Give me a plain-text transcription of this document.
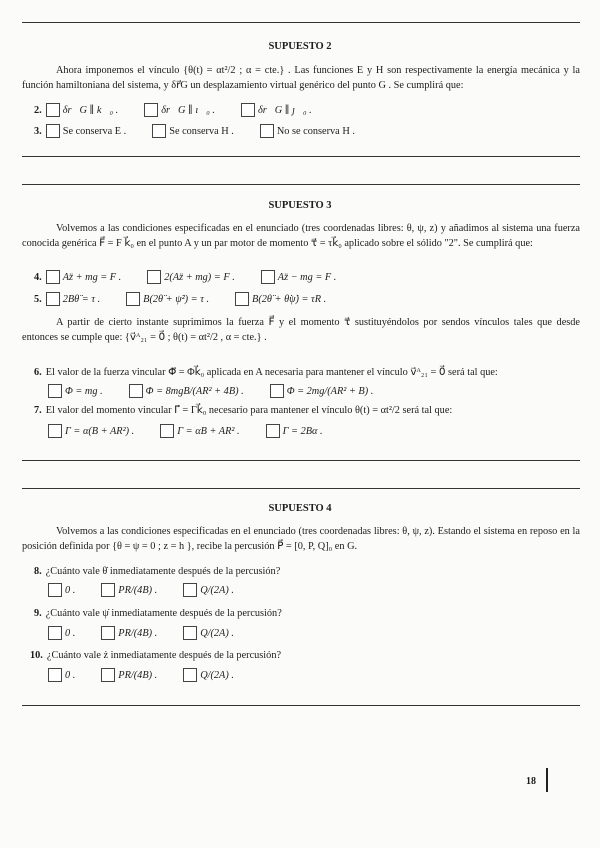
SUPUESTO 2
Ahora imponemos el vínculo {θ(t) = αt²/2 ; α = cte.} . Las funciones E y H son respectivamente la energía mecánica y la función hamiltoniana del sistema, y δr⃗G un desplazamiento virtual genérico del punto G . Se cumplirá que:
2. δr⃗G ∥ k⃗₀ .	δr⃗G ∥ ı⃗₀ .	δr⃗G ∥ ȷ⃗₀ .
3. Se conserva E .	Se conserva H .	No se conserva H .
SUPUESTO 3
Volvemos a las condiciones especificadas en el enunciado (tres coordenadas libres: θ, ψ, z) y añadimos al sistema una fuerza conocida genérica F⃗ = F k⃗₀ en el punto A y un par motor de momento τ⃗ = τk⃗₀ aplicado sobre el sólido "2". Se cumplirá que:
4. Az̈ + mg = F .	2(Az̈ + mg) = F .	Az̈ − mg = F .
5. 2Bθ̈ = τ .	B(2θ̈ + ψ̇²) = τ .	B(2θ̈ + θ̇ψ̇) = τR .
A partir de cierto instante suprimimos la fuerza F⃗ y el momento τ⃗ sustituyéndolos por sendos vínculos tales que desde entonces se cumple que: {v⃗ᴬ₂₁ = 0⃗ ; θ(t) = αt²/2 , α = cte.} .
6. El valor de la fuerza vincular Φ⃗ = Φk⃗₀ aplicada en A necesaria para mantener el vínculo v⃗ᴬ₂₁ = 0⃗ será tal que:
Φ = mg .	Φ = 8mgB/(AR² + 4B) .	Φ = 2mg/(AR² + B) .
7. El valor del momento vincular Γ⃗ = Γk⃗₀ necesario para mantener el vínculo θ(t) = αt²/2 será tal que:
Γ = α(B + AR²) .	Γ = αB + AR² .	Γ = 2Bα .
SUPUESTO 4
Volvemos a las condiciones especificadas en el enunciado (tres coordenadas libres: θ, ψ, z). Estando el sistema en reposo en la posición definida por {θ = ψ = 0 ; z = h }, recibe la percusión P⃗ = [0, P, Q]₀ en G.
8. ¿Cuánto vale θ̇ inmediatamente después de la percusión?
0 .	PR/(4B) .	Q/(2A) .
9. ¿Cuánto vale ψ̇ inmediatamente después de la percusión?
0 .	PR/(4B) .	Q/(2A) .
10. ¿Cuánto vale ż inmediatamente después de la percusión?
0 .	PR/(4B) .	Q/(2A) .
18
